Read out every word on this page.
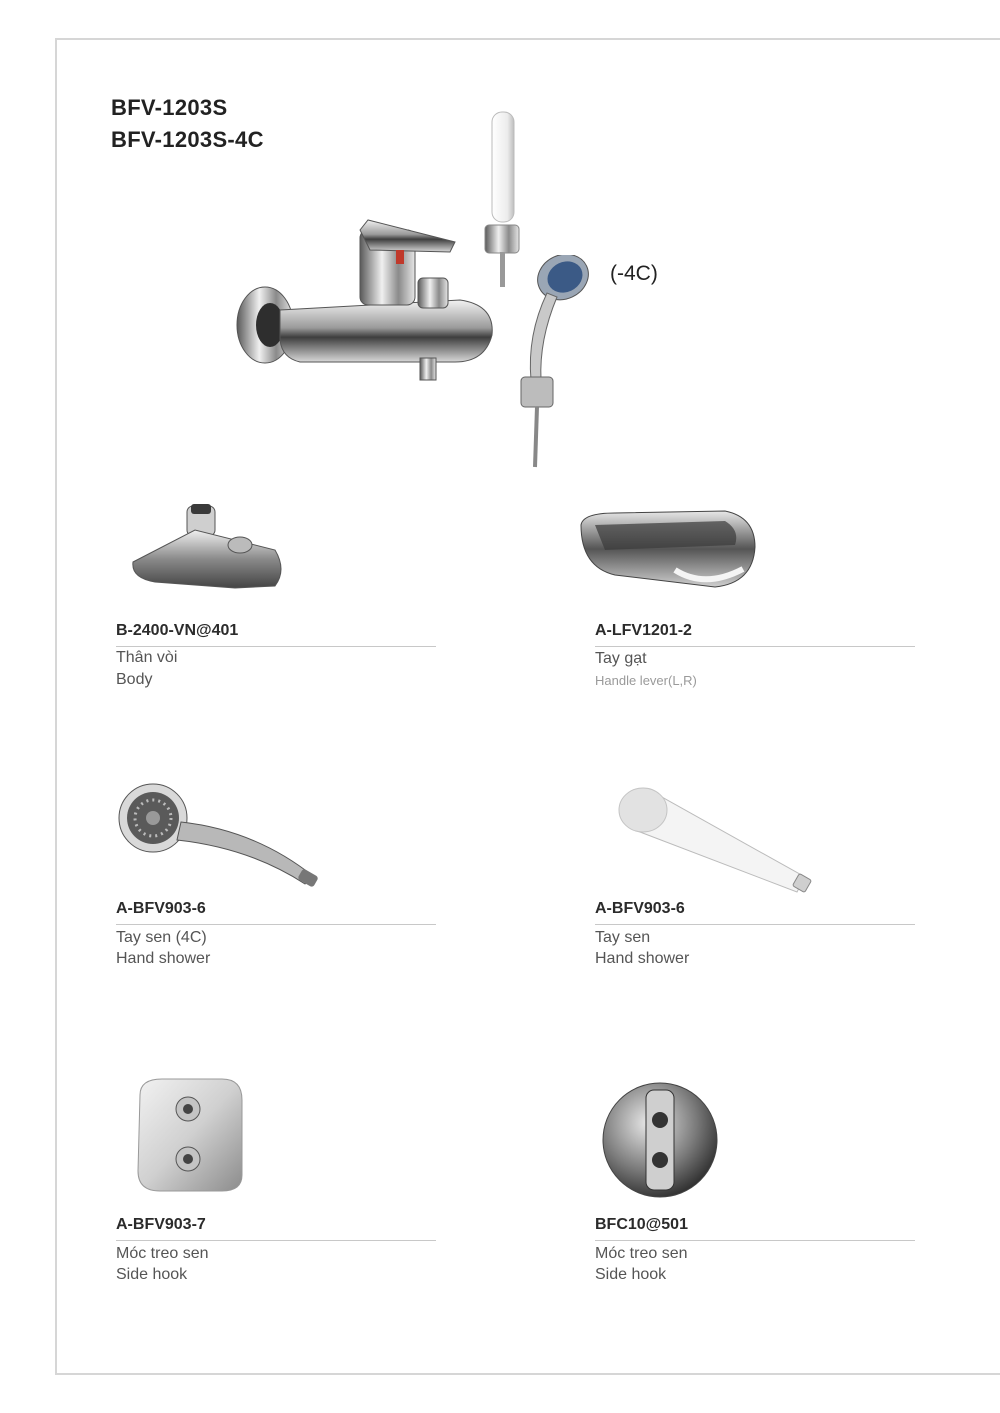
BFV-1203S
BFV-1203S-4C
(-4C)
B-2400-VN@401
Thân vòi
Body
A-LFV1201-2
Tay gạt
Handle lever(L,R)
A-BFV903-6
Tay sen (4C)
Hand shower
A-BFV903-6
Tay sen
Hand shower
A-BFV903-7
Móc treo sen
Side hook
BFC10@501
Móc treo sen
Side hook
